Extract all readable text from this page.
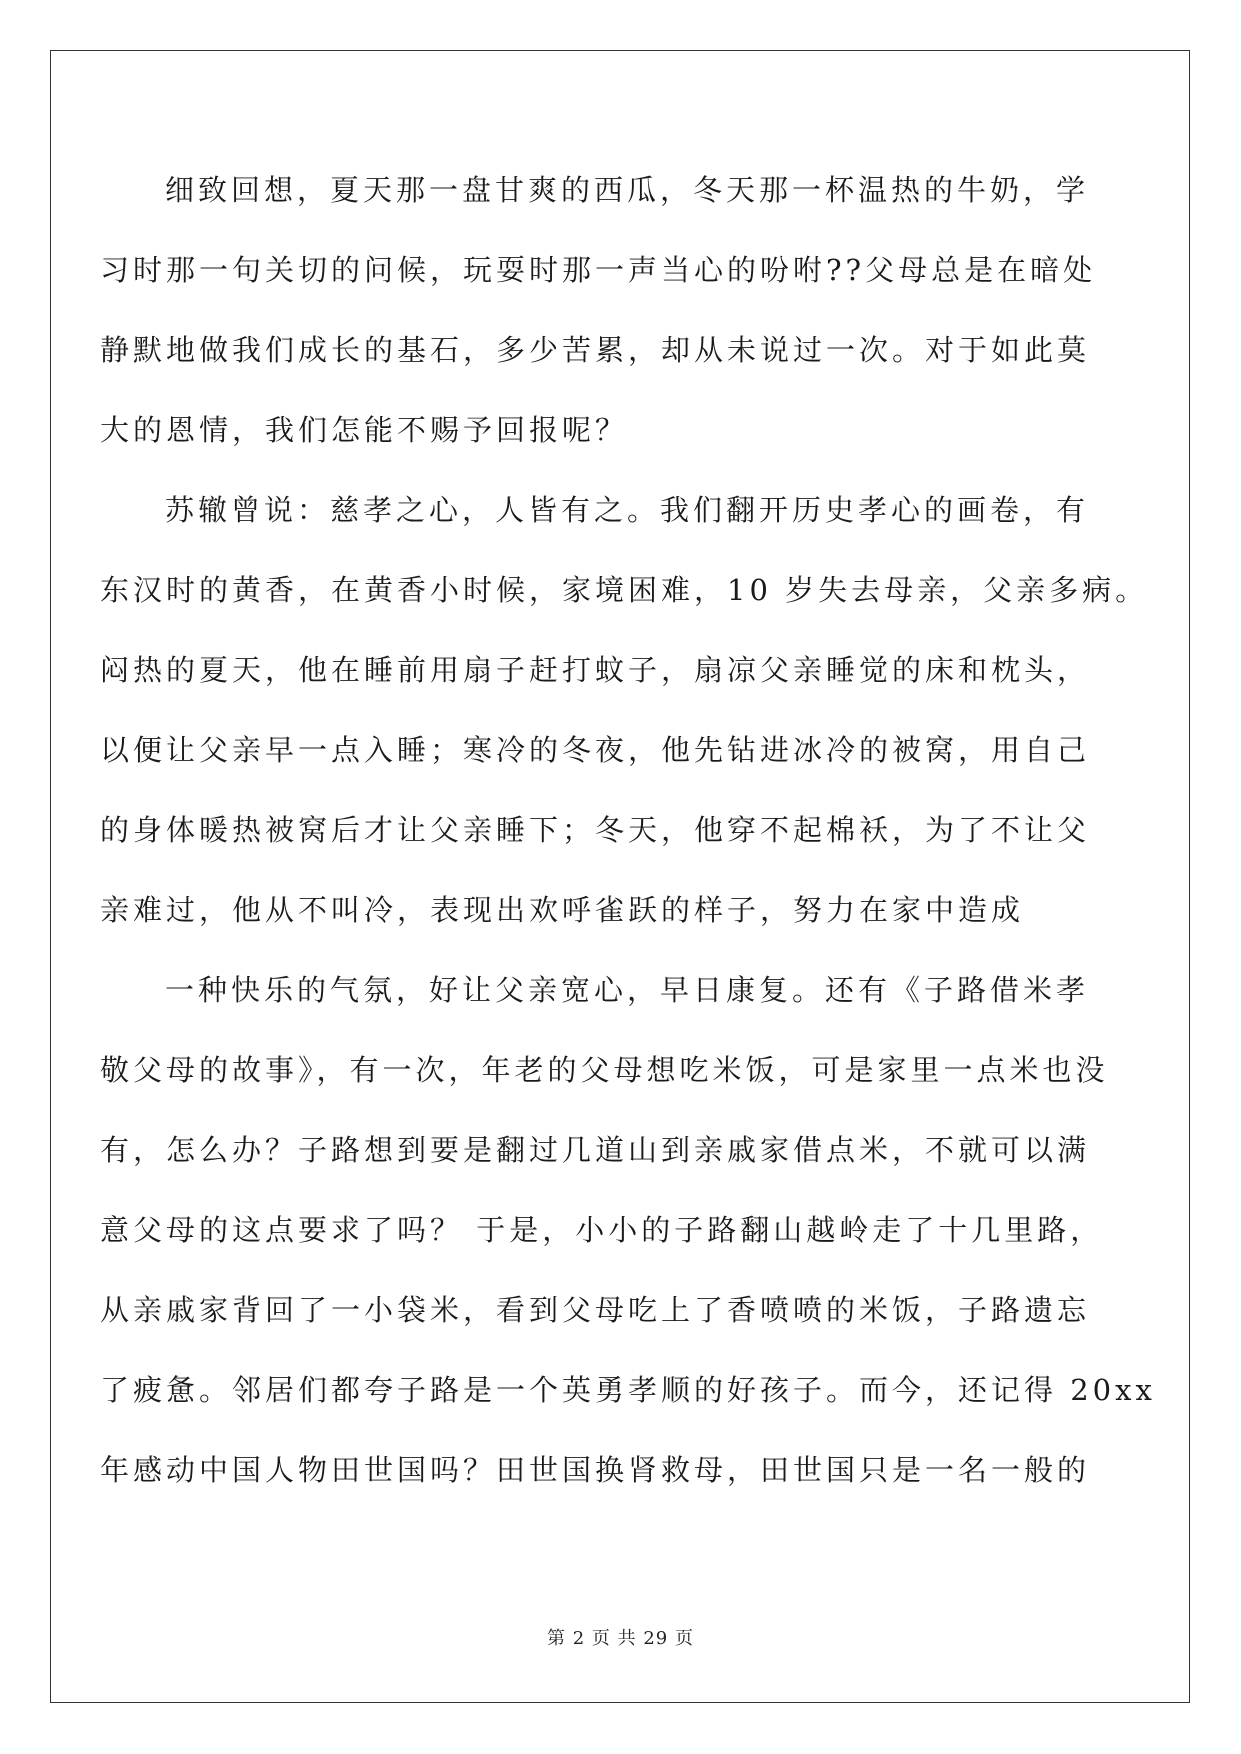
细致回想，夏天那一盘甘爽的西瓜，冬天那一杯温热的牛奶，学
习时那一句关切的问候，玩耍时那一声当心的吩咐??父母总是在暗处
静默地做我们成长的基石，多少苦累，却从未说过一次。对于如此莫
大的恩情，我们怎能不赐予回报呢？
苏辙曾说：慈孝之心，人皆有之。我们翻开历史孝心的画卷，有
东汉时的黄香，在黄香小时候，家境困难，10 岁失去母亲，父亲多病。
闷热的夏天，他在睡前用扇子赶打蚊子，扇凉父亲睡觉的床和枕头，
以便让父亲早一点入睡；寒冷的冬夜，他先钻进冰冷的被窝，用自己
的身体暖热被窝后才让父亲睡下；冬天，他穿不起棉袄，为了不让父
亲难过，他从不叫冷，表现出欢呼雀跃的样子，努力在家中造成
一种快乐的气氛，好让父亲宽心，早日康复。还有《子路借米孝
敬父母的故事》，有一次，年老的父母想吃米饭，可是家里一点米也没
有，怎么办？子路想到要是翻过几道山到亲戚家借点米，不就可以满
意父母的这点要求了吗？ 于是，小小的子路翻山越岭走了十几里路，
从亲戚家背回了一小袋米，看到父母吃上了香喷喷的米饭，子路遗忘
了疲惫。邻居们都夸子路是一个英勇孝顺的好孩子。而今，还记得 20xx
年感动中国人物田世国吗？田世国换肾救母，田世国只是一名一般的
第 2 页 共 29 页
